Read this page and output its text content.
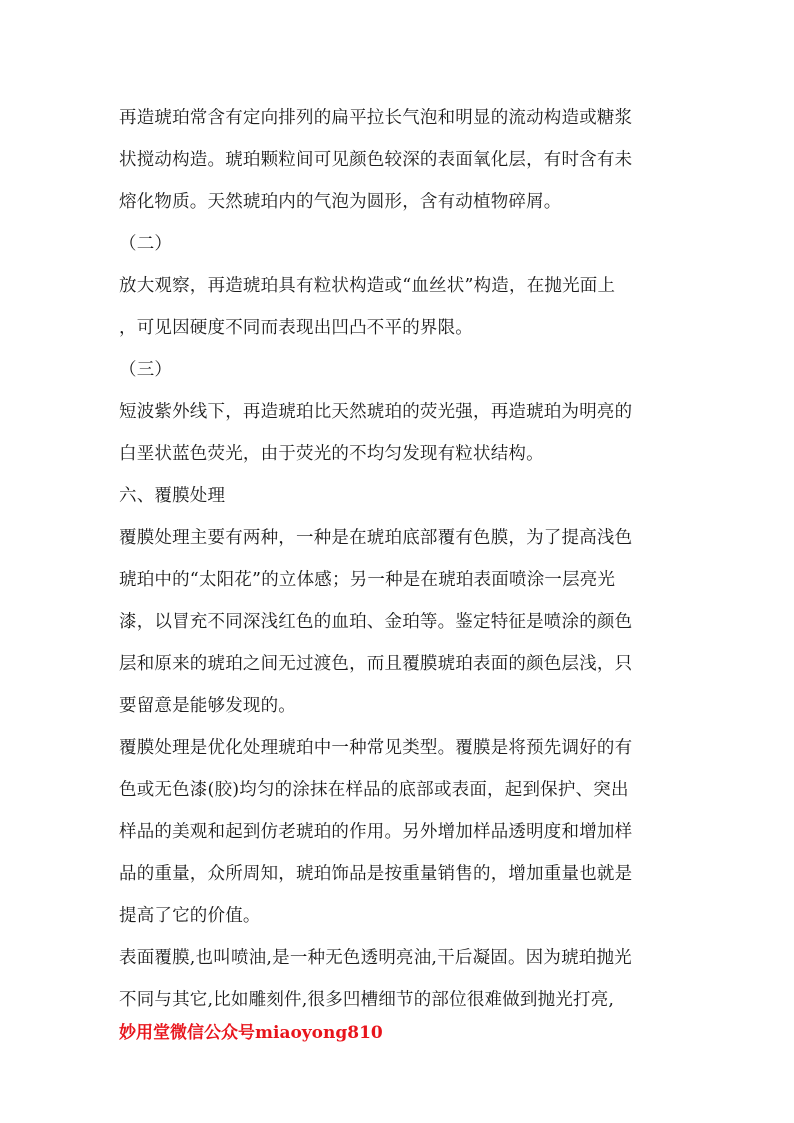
再造琥珀常含有定向排列的扁平拉长气泡和明显的流动构造或糖浆
状搅动构造。琥珀颗粒间可见颜色较深的表面氧化层，有时含有未
熔化物质。天然琥珀内的气泡为圆形，含有动植物碎屑。
（二）
放大观察，再造琥珀具有粒状构造或“血丝状”构造，在抛光面上
，可见因硬度不同而表现出凹凸不平的界限。
（三）
短波紫外线下，再造琥珀比天然琥珀的荧光强，再造琥珀为明亮的
白垩状蓝色荧光，由于荧光的不均匀发现有粒状结构。
六、覆膜处理
覆膜处理主要有两种，一种是在琥珀底部覆有色膜，为了提高浅色
琥珀中的“太阳花”的立体感；另一种是在琥珀表面喷涂一层亮光
漆，以冒充不同深浅红色的血珀、金珀等。鉴定特征是喷涂的颜色
层和原来的琥珀之间无过渡色，而且覆膜琥珀表面的颜色层浅，只
要留意是能够发现的。
覆膜处理是优化处理琥珀中一种常见类型。覆膜是将预先调好的有
色或无色漆(胶)均匀的涂抹在样品的底部或表面，起到保护、突出
样品的美观和起到仿老琥珀的作用。另外增加样品透明度和增加样
品的重量，众所周知，琥珀饰品是按重量销售的，增加重量也就是
提高了它的价值。
表面覆膜,也叫喷油,是一种无色透明亮油,干后凝固。因为琥珀抛光
不同与其它,比如雕刻件,很多凹槽细节的部位很难做到抛光打亮,
妙用堂微信公众号miaoyong810
